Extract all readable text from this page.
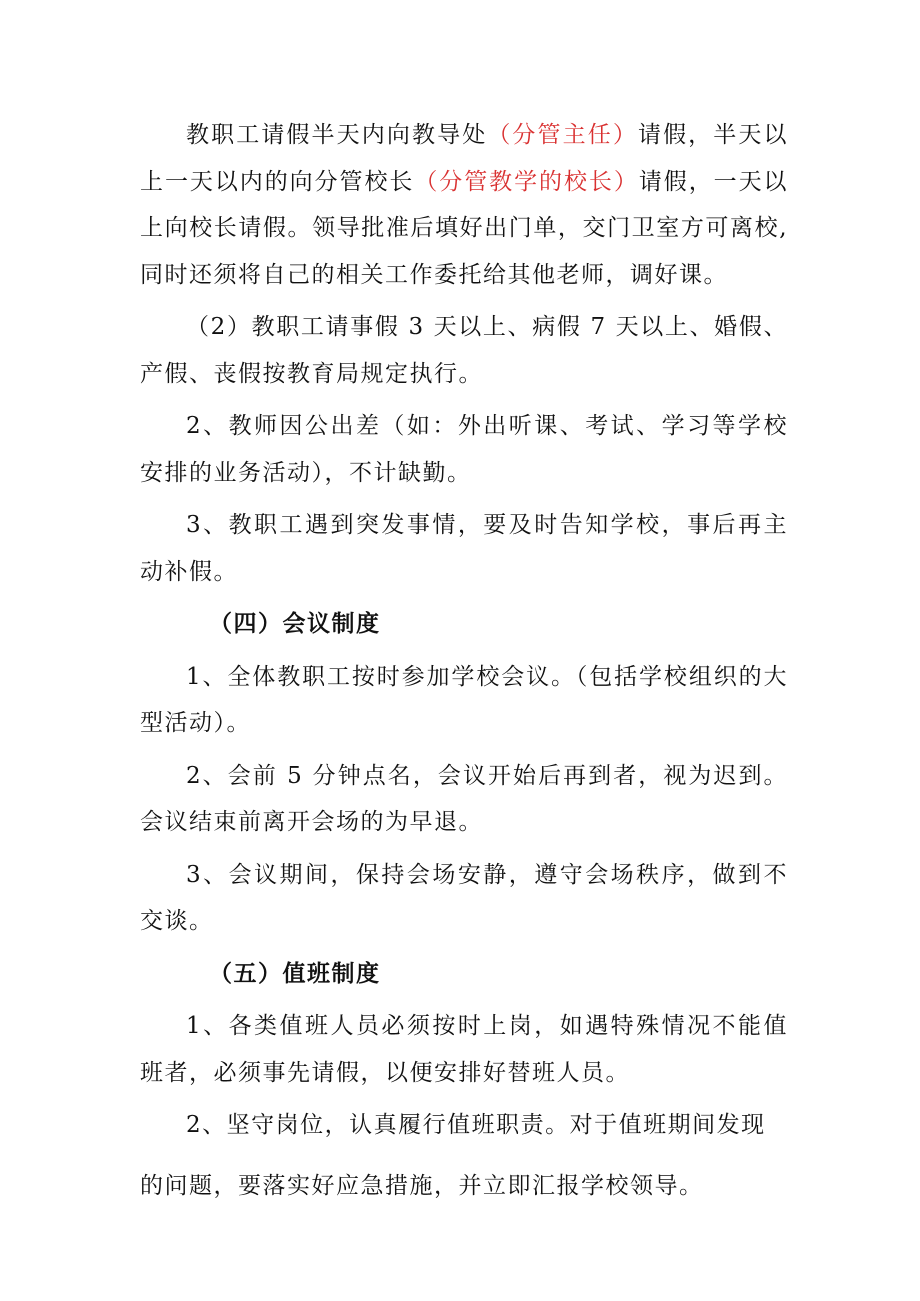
教职工请假半天内向教导处（分管主任）请假，半天以上一天以内的向分管校长（分管教学的校长）请假，一天以上向校长请假。领导批准后填好出门单，交门卫室方可离校,同时还须将自己的相关工作委托给其他老师，调好课。

（2）教职工请事假 3 天以上、病假 7 天以上、婚假、产假、丧假按教育局规定执行。

2、教师因公出差（如：外出听课、考试、学习等学校安排的业务活动），不计缺勤。

3、教职工遇到突发事情，要及时告知学校，事后再主动补假。

（四）会议制度

1、全体教职工按时参加学校会议。（包括学校组织的大型活动）。

2、会前 5 分钟点名，会议开始后再到者，视为迟到。会议结束前离开会场的为早退。

3、会议期间，保持会场安静，遵守会场秩序，做到不交谈。

（五）值班制度

1、各类值班人员必须按时上岗，如遇特殊情况不能值班者，必须事先请假，以便安排好替班人员。

2、坚守岗位，认真履行值班职责。对于值班期间发现

的问题，要落实好应急措施，并立即汇报学校领导。
